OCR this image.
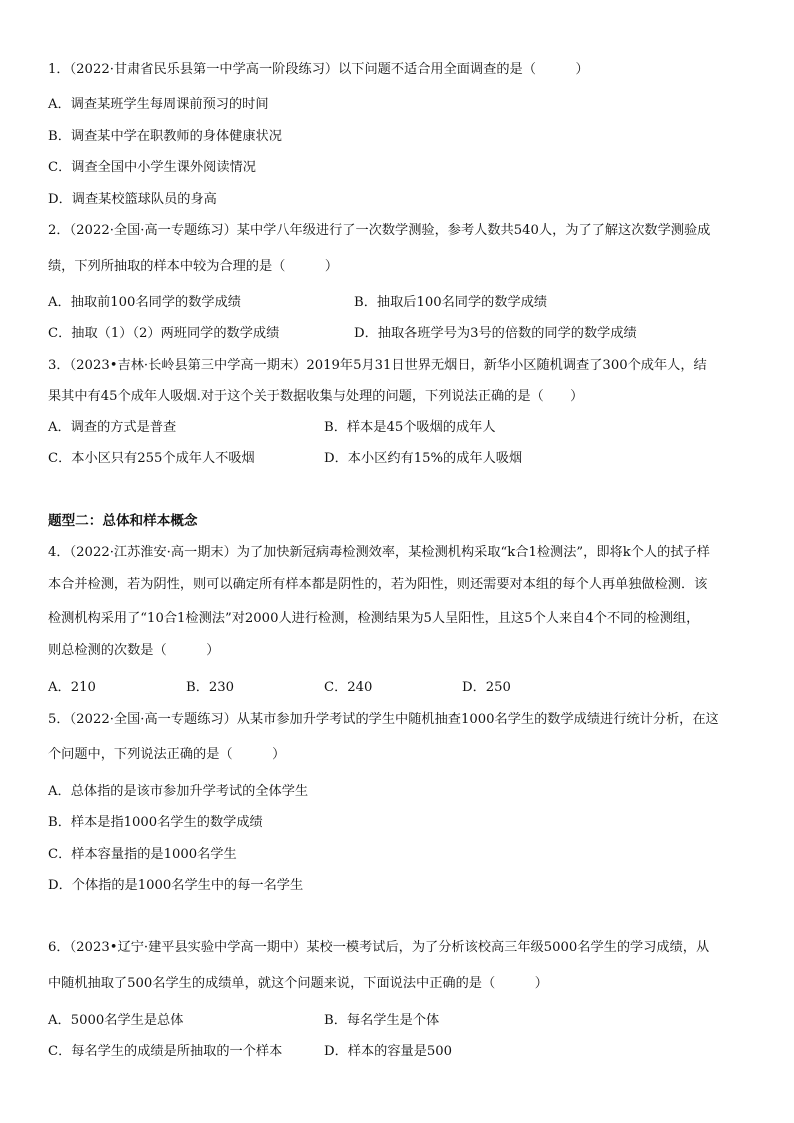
1．（2022·甘肃省民乐县第一中学高一阶段练习）以下问题不适合用全面调查的是（　　　）
A．调查某班学生每周课前预习的时间
B．调查某中学在职教师的身体健康状况
C．调查全国中小学生课外阅读情况
D．调查某校篮球队员的身高
2．（2022·全国·高一专题练习）某中学八年级进行了一次数学测验，参考人数共540人，为了了解这次数学测验成
绩，下列所抽取的样本中较为合理的是（　　　）
A．抽取前100名同学的数学成绩	B．抽取后100名同学的数学成绩
C．抽取（1）（2）两班同学的数学成绩	D．抽取各班学号为3号的倍数的同学的数学成绩
3．（2023•吉林·长岭县第三中学高一期末）2019年5月31日世界无烟日，新华小区随机调查了300个成年人，结
果其中有45个成年人吸烟.对于这个关于数据收集与处理的问题，下列说法正确的是（　　）
A．调查的方式是普查	B．样本是45个吸烟的成年人
C．本小区只有255个成年人不吸烟	D．本小区约有15%的成年人吸烟
题型二：总体和样本概念
4．（2022·江苏淮安·高一期末）为了加快新冠病毒检测效率，某检测机构采取“k合1检测法”，即将k个人的拭子样
本合并检测，若为阴性，则可以确定所有样本都是阴性的，若为阳性，则还需要对本组的每个人再单独做检测．该
检测机构采用了“10合1检测法”对2000人进行检测，检测结果为5人呈阳性，且这5个人来自4个不同的检测组，
则总检测的次数是（　　　）
A．210	B．230	C．240	D．250
5．（2022·全国·高一专题练习）从某市参加升学考试的学生中随机抽查1000名学生的数学成绩进行统计分析，在这
个问题中，下列说法正确的是（　　　）
A．总体指的是该市参加升学考试的全体学生
B．样本是指1000名学生的数学成绩
C．样本容量指的是1000名学生
D．个体指的是1000名学生中的每一名学生
6．（2023•辽宁·建平县实验中学高一期中）某校一模考试后，为了分析该校高三年级5000名学生的学习成绩，从
中随机抽取了500名学生的成绩单，就这个问题来说，下面说法中正确的是（　　　）
A．5000名学生是总体	B．每名学生是个体
C．每名学生的成绩是所抽取的一个样本	D．样本的容量是500
